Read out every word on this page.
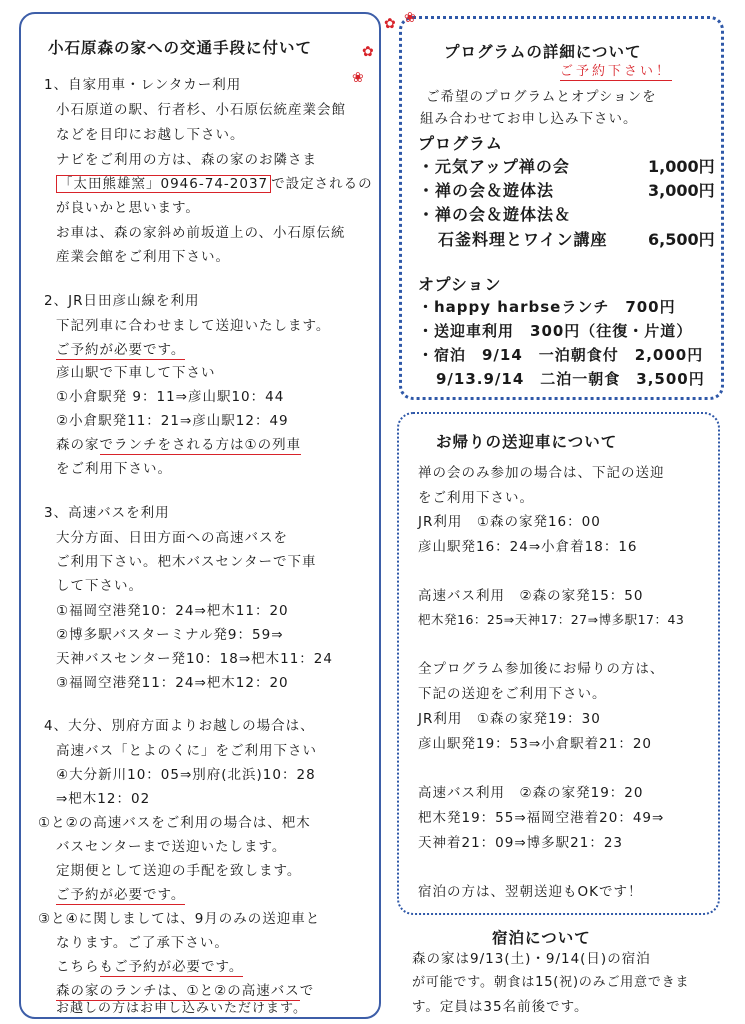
✿ ❀
✿
❀
小石原森の家への交通手段に付いて
1、自家用車・レンタカー利用
小石原道の駅、行者杉、小石原伝統産業会館
などを目印にお越し下さい。
ナビをご利用の方は、森の家のお隣さま
「太田熊雄窯」0946-74-2037 で設定されるの
が良いかと思います。
お車は、森の家斜め前坂道上の、小石原伝統
産業会館をご利用下さい。
2、JR日田彦山線を利用
下記列車に合わせまして送迎いたします。
ご予約が必要です。
彦山駅で下車して下さい
①小倉駅発 9：11⇒彦山駅10：44
②小倉駅発11：21⇒彦山駅12：49
森の家でランチをされる方は①の列車
をご利用下さい。
3、高速バスを利用
大分方面、日田方面への高速バスを
ご利用下さい。杷木バスセンターで下車
して下さい。
①福岡空港発10：24⇒杷木11：20
②博多駅バスターミナル発9：59⇒
天神バスセンター発10：18⇒杷木11：24
③福岡空港発11：24⇒杷木12：20
4、大分、別府方面よりお越しの場合は、
高速バス「とよのくに」をご利用下さい
④大分新川10：05⇒別府(北浜)10：28
⇒杷木12：02
①と②の高速バスをご利用の場合は、杷木
バスセンターまで送迎いたします。
定期便として送迎の手配を致します。
ご予約が必要です。
③と④に関しましては、9月のみの送迎車と
なります。ご了承下さい。
こちらもご予約が必要です。
森の家のランチは、①と②の高速バスで
お越しの方はお申し込みいただけます。
プログラムの詳細について
ご予約下さい！
ご希望のプログラムとオプションを
組み合わせてお申し込み下さい。
プログラム
・元気アップ禅の会	1,000円
・禅の会＆遊体法	3,000円
・禅の会＆遊体法＆
石釜料理とワイン講座	6,500円
オプション
・happy harbseランチ　700円
・送迎車利用　300円（往復・片道）
・宿泊　9/14　一泊朝食付　2,000円
9/13.9/14　二泊一朝食　3,500円
お帰りの送迎車について
禅の会のみ参加の場合は、下記の送迎
をご利用下さい。
JR利用　①森の家発16：00
彦山駅発16：24⇒小倉着18：16
高速バス利用　②森の家発15：50
杷木発16：25⇒天神17：27⇒博多駅17：43
全プログラム参加後にお帰りの方は、
下記の送迎をご利用下さい。
JR利用　①森の家発19：30
彦山駅発19：53⇒小倉駅着21：20
高速バス利用　②森の家発19：20
杷木発19：55⇒福岡空港着20：49⇒
天神着21：09⇒博多駅21：23
宿泊の方は、翌朝送迎もOKです！
宿泊について
森の家は9/13(土)・9/14(日)の宿泊
が可能です。朝食は15(祝)のみご用意できま
す。定員は35名前後です。
